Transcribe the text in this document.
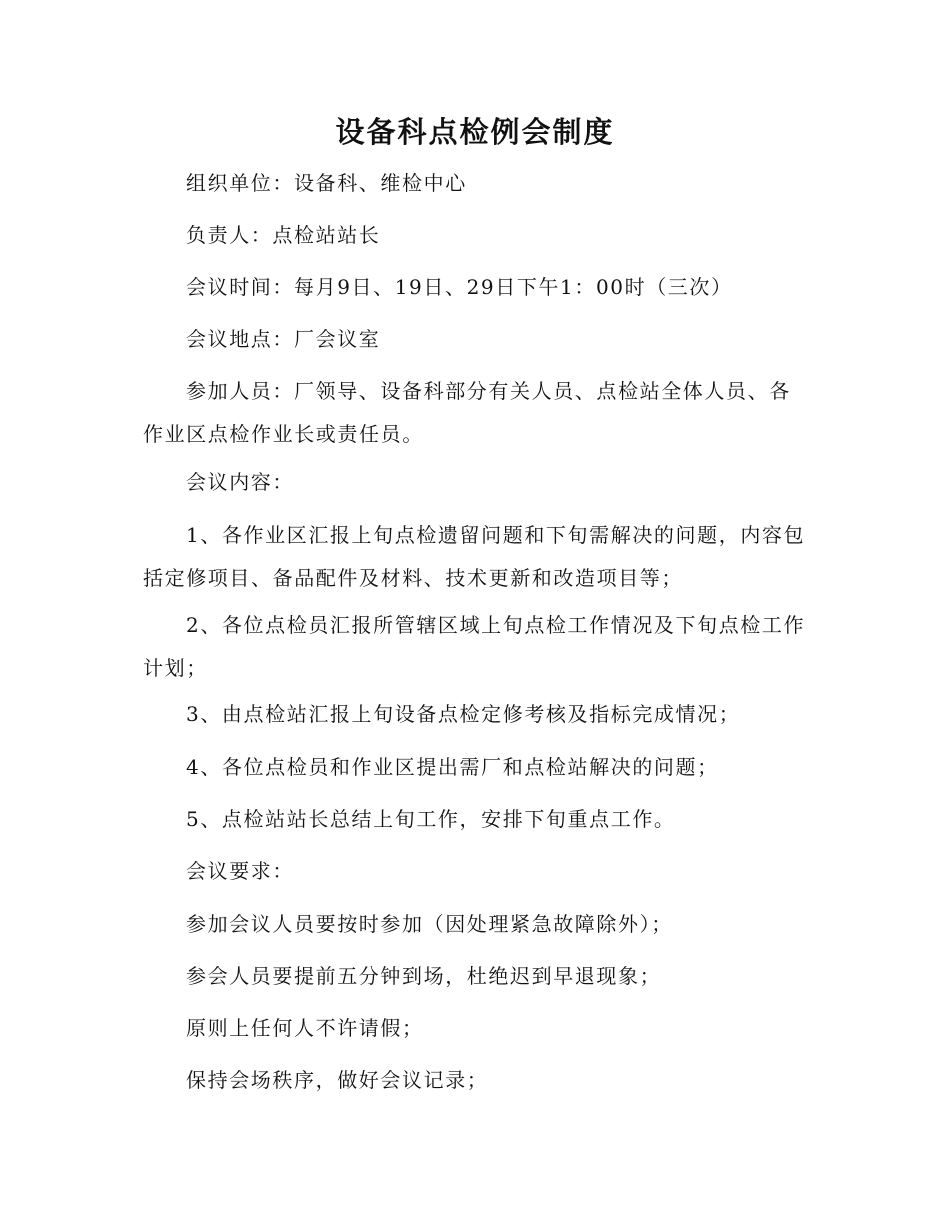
设备科点检例会制度

组织单位：设备科、维检中心

负责人：点检站站长

会议时间：每月9日、19日、29日下午1：00时（三次）

会议地点：厂会议室

参加人员：厂领导、设备科部分有关人员、点检站全体人员、各作业区点检作业长或责任员。

会议内容：

1、各作业区汇报上旬点检遗留问题和下旬需解决的问题，内容包括定修项目、备品配件及材料、技术更新和改造项目等；

2、各位点检员汇报所管辖区域上旬点检工作情况及下旬点检工作计划；

3、由点检站汇报上旬设备点检定修考核及指标完成情况；

4、各位点检员和作业区提出需厂和点检站解决的问题；

5、点检站站长总结上旬工作，安排下旬重点工作。

会议要求：

参加会议人员要按时参加（因处理紧急故障除外）；

参会人员要提前五分钟到场，杜绝迟到早退现象；

原则上任何人不许请假；

保持会场秩序，做好会议记录；
